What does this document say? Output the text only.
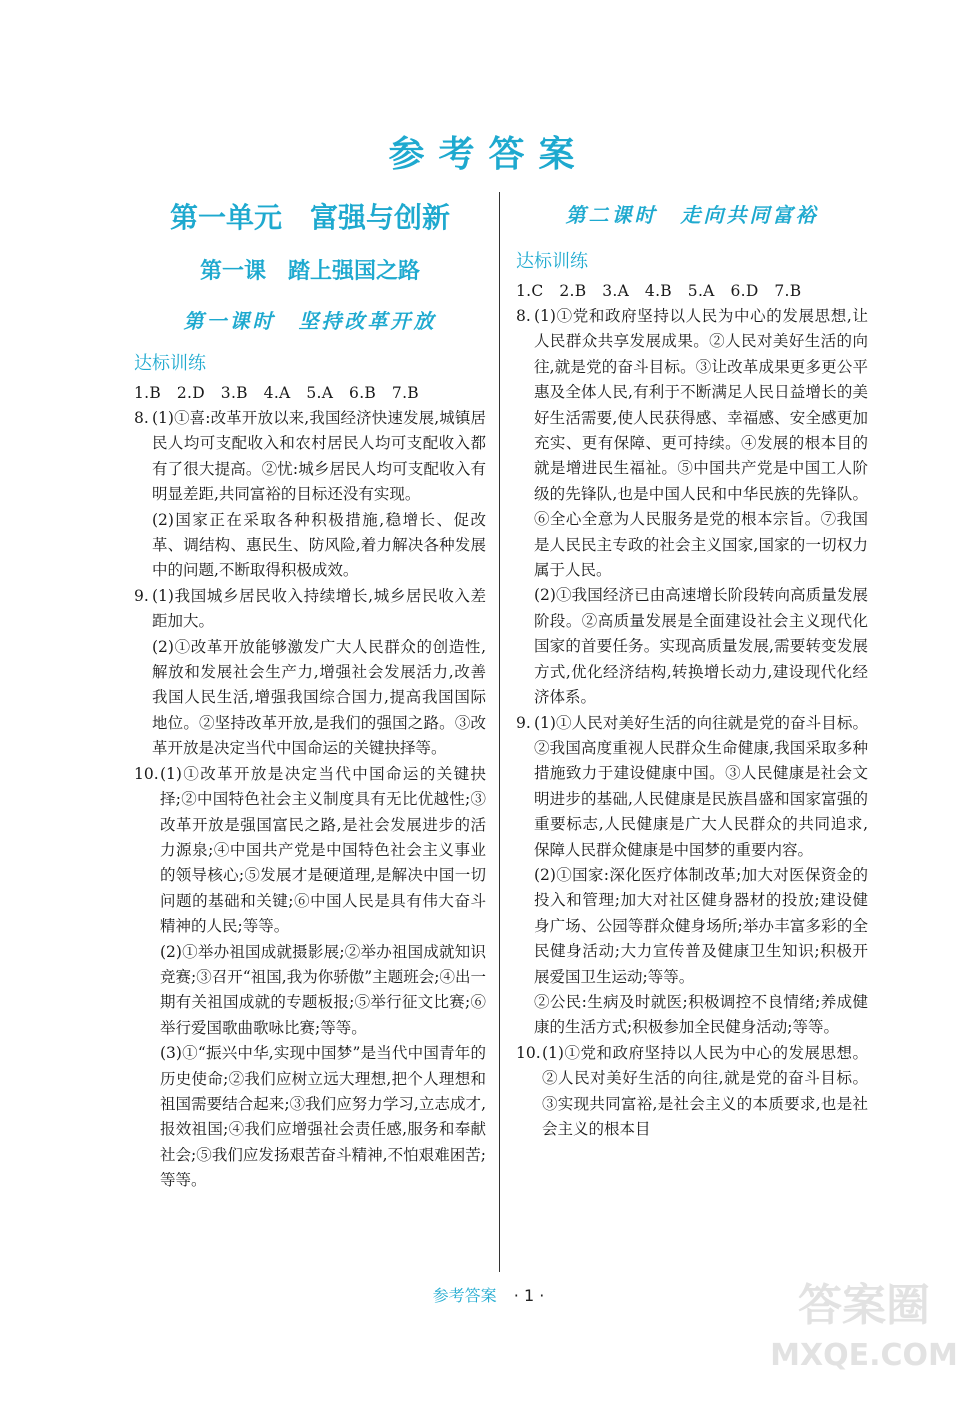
参考答案
第一单元　富强与创新
第一课　踏上强国之路
第一课时　坚持改革开放
达标训练

1.B　2.D　3.B　4.A　5.A　6.B　7.B

8. (1)①喜:改革开放以来,我国经济快速发展,城镇居民人均可支配收入和农村居民人均可支配收入都有了很大提高。②忧:城乡居民人均可支配收入有明显差距,共同富裕的目标还没有实现。

(2)国家正在采取各种积极措施,稳增长、促改革、调结构、惠民生、防风险,着力解决各种发展中的问题,不断取得积极成效。

9. (1)我国城乡居民收入持续增长,城乡居民收入差距加大。

(2)①改革开放能够激发广大人民群众的创造性,解放和发展社会生产力,增强社会发展活力,改善我国人民生活,增强我国综合国力,提高我国国际地位。②坚持改革开放,是我们的强国之路。③改革开放是决定当代中国命运的关键抉择等。

10. (1)①改革开放是决定当代中国命运的关键抉择;②中国特色社会主义制度具有无比优越性;③改革开放是强国富民之路,是社会发展进步的活力源泉;④中国共产党是中国特色社会主义事业的领导核心;⑤发展才是硬道理,是解决中国一切问题的基础和关键;⑥中国人民是具有伟大奋斗精神的人民;等等。

(2)①举办祖国成就摄影展;②举办祖国成就知识竞赛;③召开“祖国,我为你骄傲”主题班会;④出一期有关祖国成就的专题板报;⑤举行征文比赛;⑥举行爱国歌曲歌咏比赛;等等。

(3)①“振兴中华,实现中国梦”是当代中国青年的历史使命;②我们应树立远大理想,把个人理想和祖国需要结合起来;③我们应努力学习,立志成才,报效祖国;④我们应增强社会责任感,服务和奉献社会;⑤我们应发扬艰苦奋斗精神,不怕艰难困苦;等等。

第二课时　走向共同富裕
达标训练

1.C　2.B　3.A　4.B　5.A　6.D　7.B

8. (1)①党和政府坚持以人民为中心的发展思想,让人民群众共享发展成果。②人民对美好生活的向往,就是党的奋斗目标。③让改革成果更多更公平惠及全体人民,有利于不断满足人民日益增长的美好生活需要,使人民获得感、幸福感、安全感更加充实、更有保障、更可持续。④发展的根本目的就是增进民生福祉。⑤中国共产党是中国工人阶级的先锋队,也是中国人民和中华民族的先锋队。⑥全心全意为人民服务是党的根本宗旨。⑦我国是人民民主专政的社会主义国家,国家的一切权力属于人民。

(2)①我国经济已由高速增长阶段转向高质量发展阶段。②高质量发展是全面建设社会主义现代化国家的首要任务。实现高质量发展,需要转变发展方式,优化经济结构,转换增长动力,建设现代化经济体系。

9. (1)①人民对美好生活的向往就是党的奋斗目标。②我国高度重视人民群众生命健康,我国采取多种措施致力于建设健康中国。③人民健康是社会文明进步的基础,人民健康是民族昌盛和国家富强的重要标志,人民健康是广大人民群众的共同追求,保障人民群众健康是中国梦的重要内容。

(2)①国家:深化医疗体制改革;加大对医保资金的投入和管理;加大对社区健身器材的投放;建设健身广场、公园等群众健身场所;举办丰富多彩的全民健身活动;大力宣传普及健康卫生知识;积极开展爱国卫生运动;等等。

②公民:生病及时就医;积极调控不良情绪;养成健康的生活方式;积极参加全民健身活动;等等。

10. (1)①党和政府坚持以人民为中心的发展思想。②人民对美好生活的向往,就是党的奋斗目标。③实现共同富裕,是社会主义的本质要求,也是社会主义的根本目

参考答案 · 1 ·	答案圈
MXQE.COM
